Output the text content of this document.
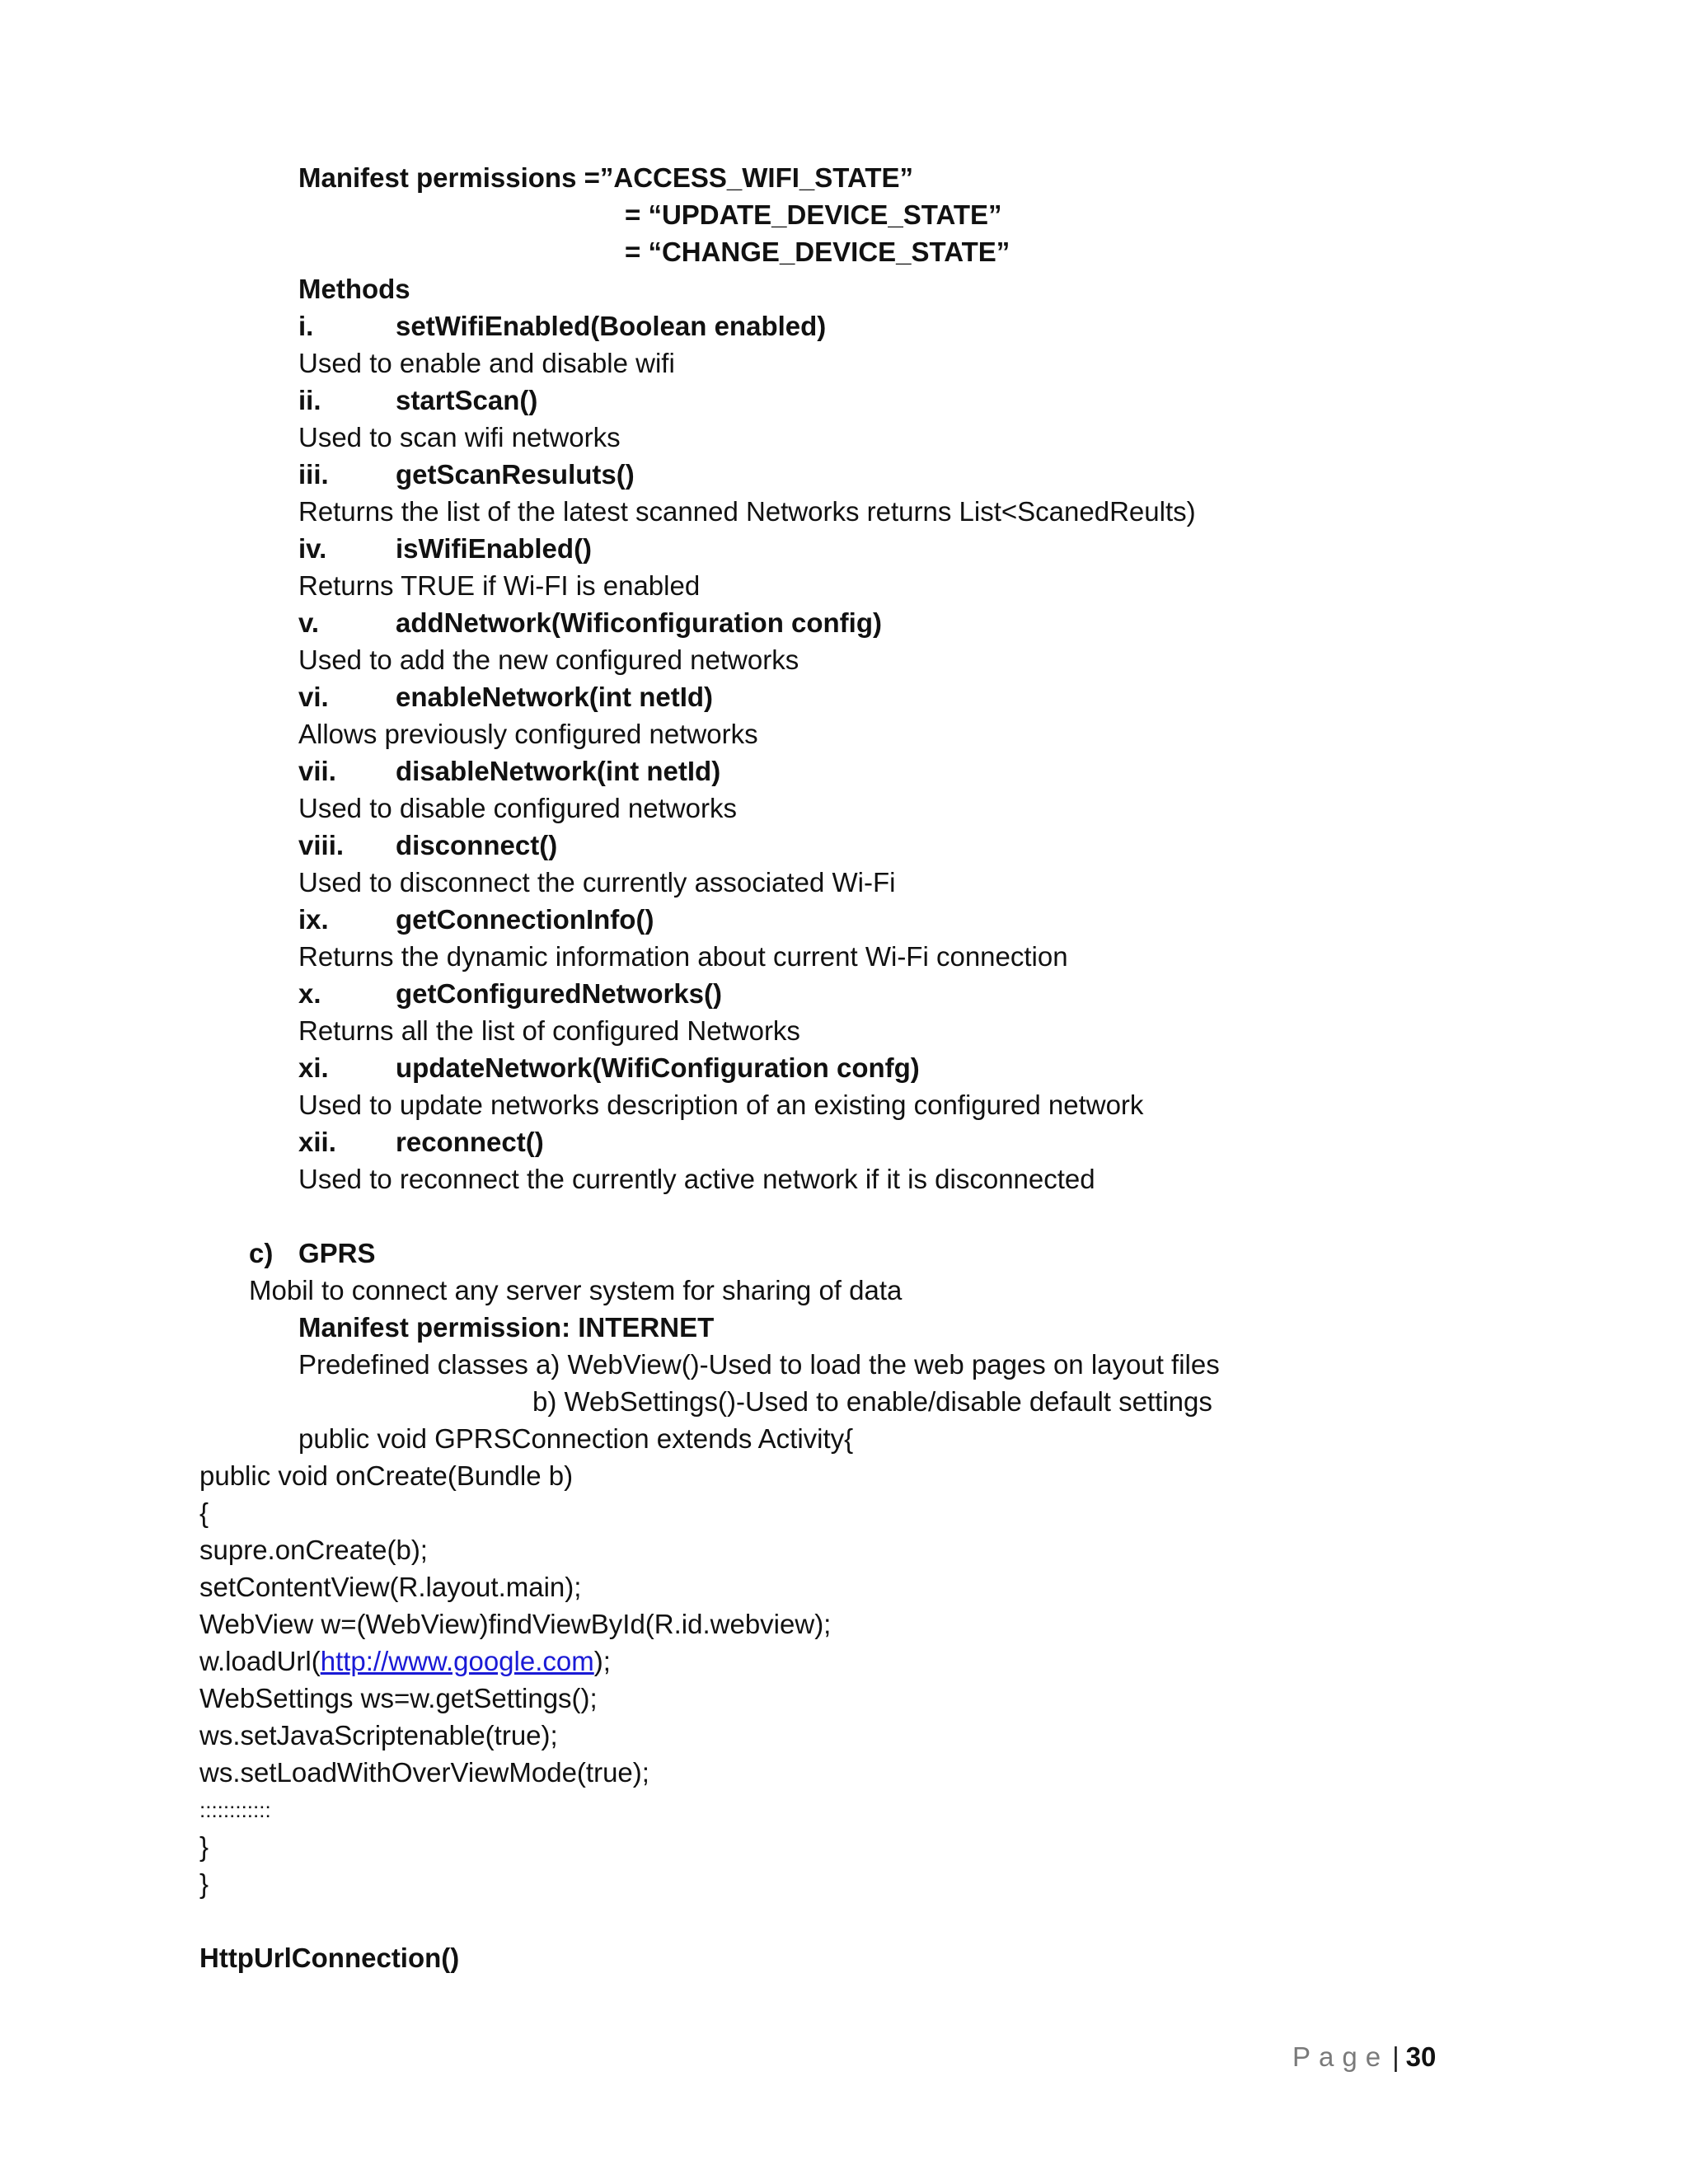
Manifest permissions =”ACCESS_WIFI_STATE”
= “UPDATE_DEVICE_STATE”
= “CHANGE_DEVICE_STATE”
Methods
i.	setWifiEnabled(Boolean enabled)
Used to enable and disable wifi
ii.	startScan()
Used to scan wifi networks
iii. getScanResuluts()
Returns the list of the latest scanned Networks returns List<ScanedReults)
iv.	isWifiEnabled()
Returns TRUE if Wi-FI is enabled
v.	addNetwork(Wificonfiguration config)
Used to add the new configured networks
vi. enableNetwork(int netId)
Allows previously configured networks
vii. disableNetwork(int netId)
Used to disable configured networks
viii. disconnect()
Used to disconnect the currently associated Wi-Fi
ix. getConnectionInfo()
Returns the dynamic information about current Wi-Fi connection
x.	getConfiguredNetworks()
Returns all the list of configured Networks
xi. updateNetwork(WifiConfiguration confg)
Used to update networks description of an existing configured network
xii. reconnect()
Used to reconnect the currently active network if it is disconnected
c) GPRS
Mobil to connect any server system for sharing of data
Manifest permission: INTERNET
Predefined classes a) WebView()-Used to load the web pages on layout files
b) WebSettings()-Used to enable/disable default settings
public void GPRSConnection extends Activity{
public void onCreate(Bundle b)
{
supre.onCreate(b);
setContentView(R.layout.main);
WebView w=(WebView)findViewById(R.id.webview);
w.loadUrl(http://www.google.com);
WebSettings ws=w.getSettings();
ws.setJavaScriptenable(true);
ws.setLoadWithOverViewMode(true);
::::::::::::
}
}
HttpUrlConnection()
Page | 30
